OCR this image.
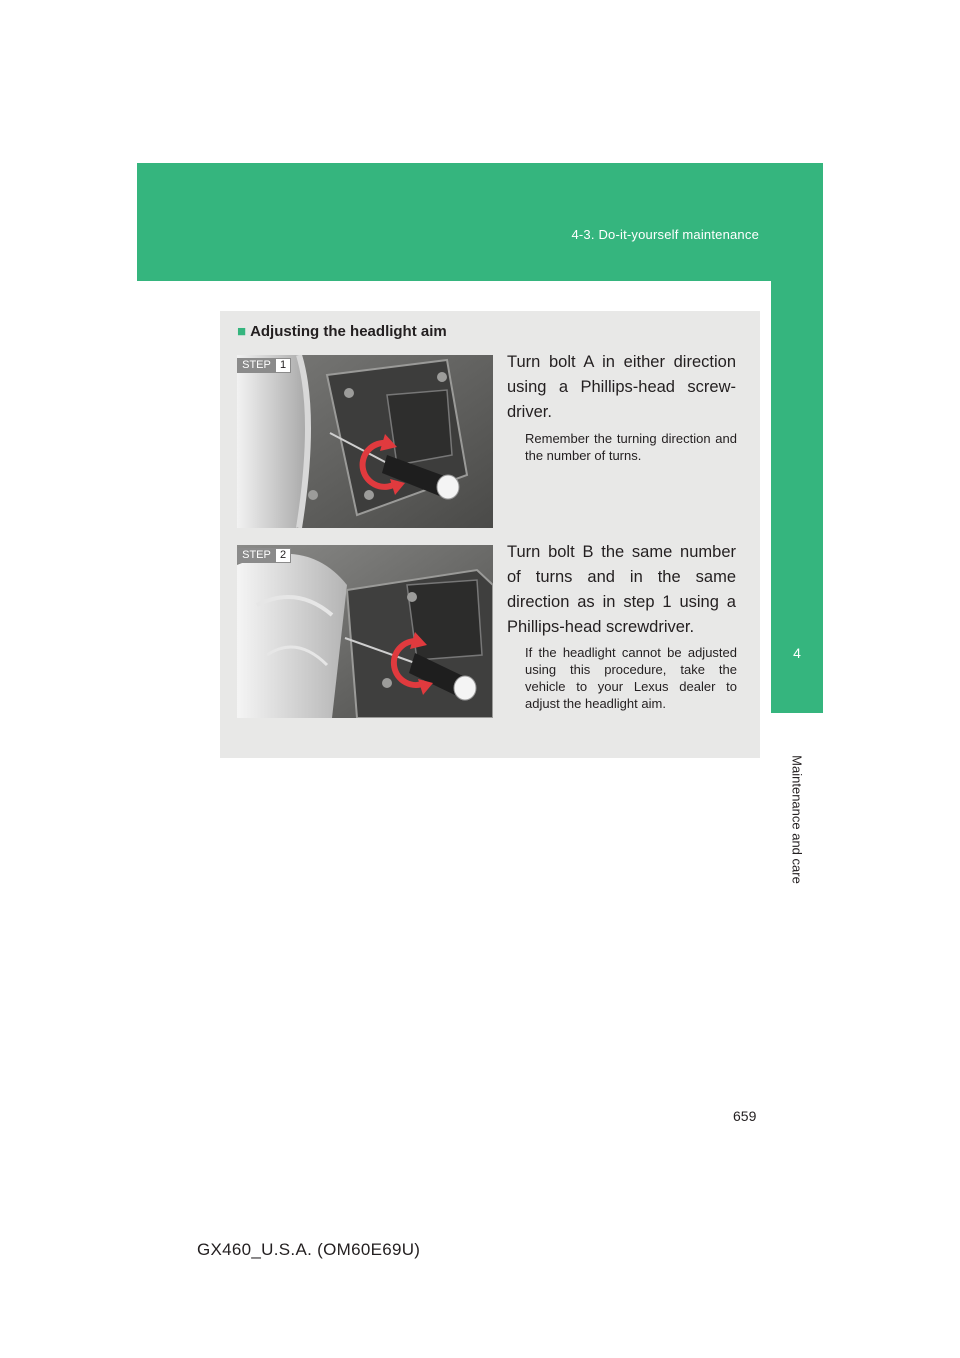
4-3. Do-it-yourself maintenance
4
Maintenance and care
■ Adjusting the headlight aim
STEP 1	Turn bolt A in either direction using a Phillips-head screw-driver.
Remember the turning direction and the number of turns.
STEP 2	Turn bolt B the same number of turns and in the same direction as in step 1 using a Phillips-head screwdriver.
If the headlight cannot be adjusted using this procedure, take the vehicle to your Lexus dealer to adjust the headlight aim.
659
GX460_U.S.A. (OM60E69U)
